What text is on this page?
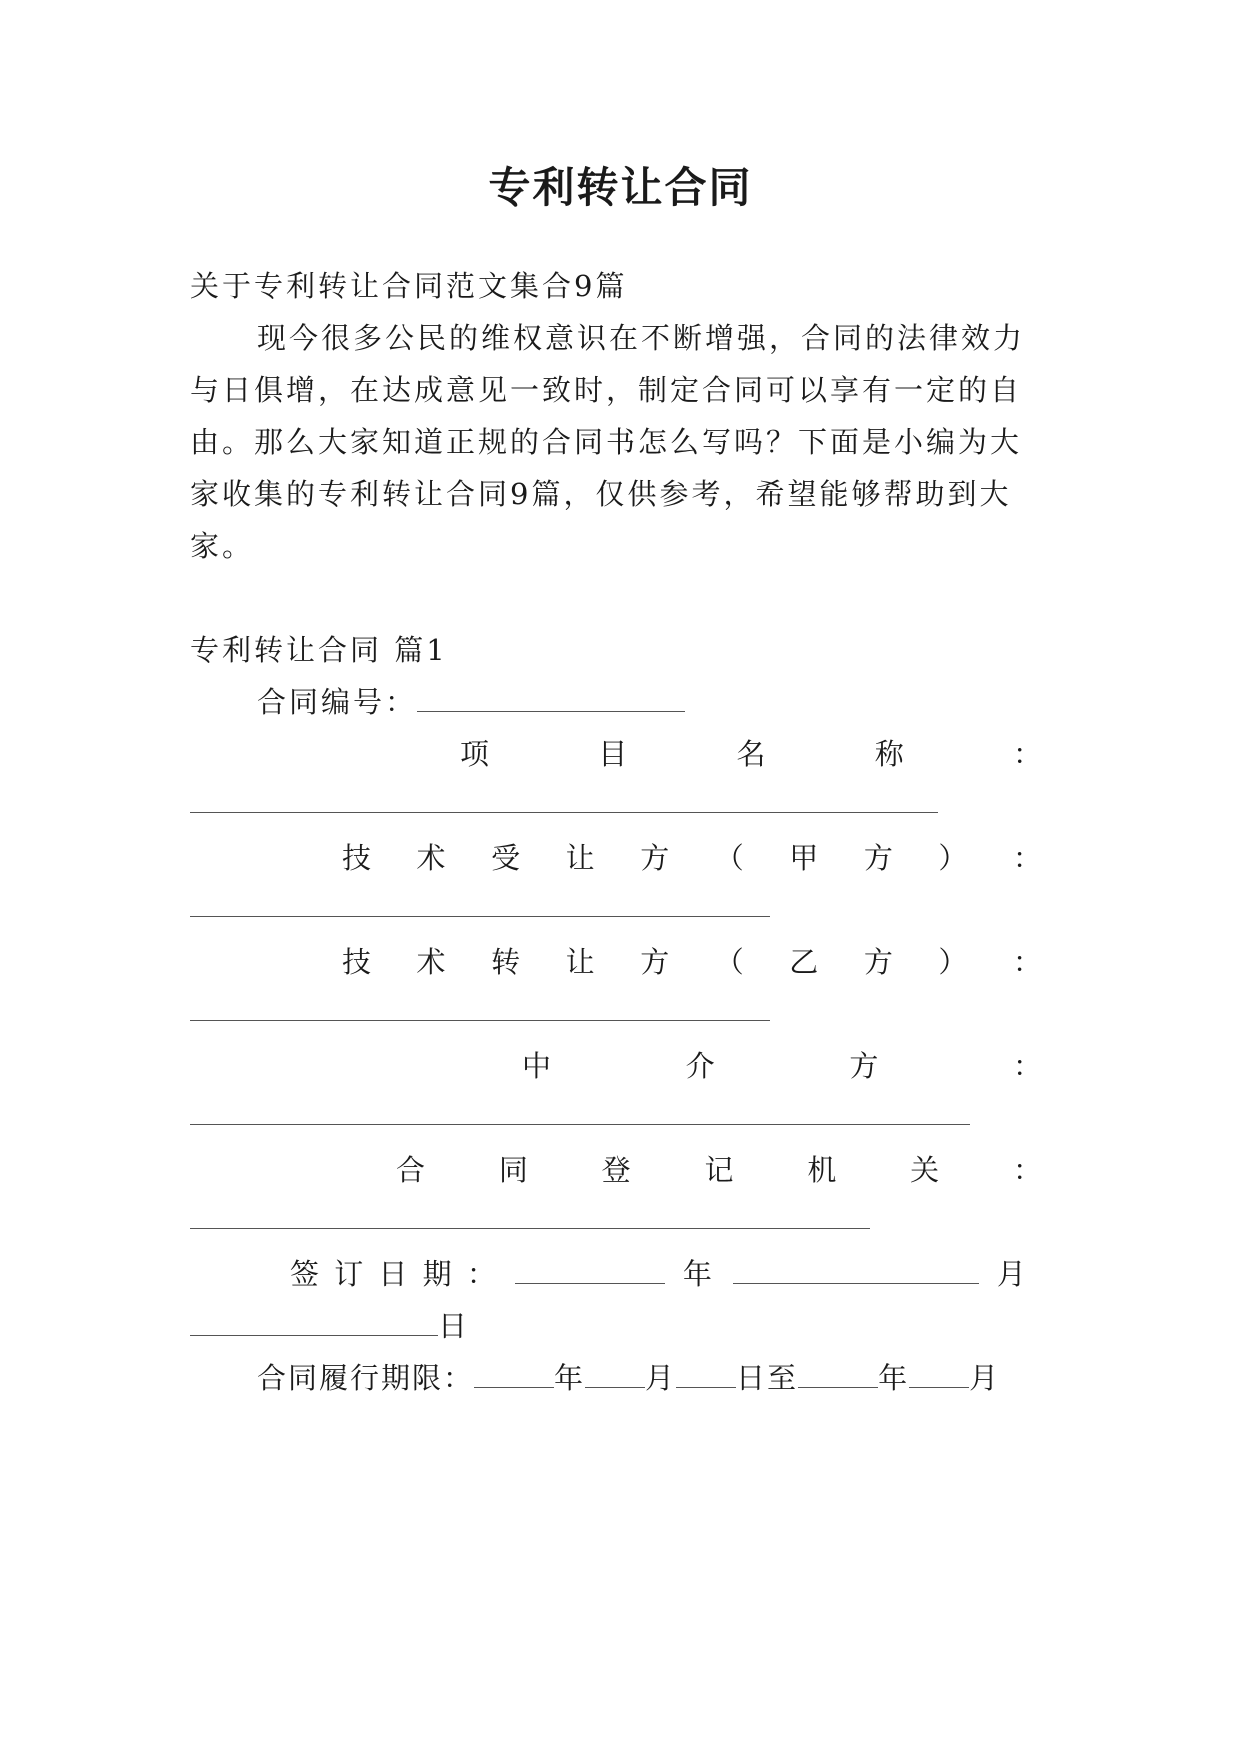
专利转让合同
关于专利转让合同范文集合9篇
现今很多公民的维权意识在不断增强，合同的法律效力
与日俱增，在达成意见一致时，制定合同可以享有一定的自
由。那么大家知道正规的合同书怎么写吗？下面是小编为大
家收集的专利转让合同9篇，仅供参考，希望能够帮助到大
家。
专利转让合同 篇1
合同编号：
项	目	名	称	：
技 术 受 让 方 （ 甲 方 ） ：
技 术 转 让 方 （ 乙 方 ） ：
中	介	方	：
合 同 登 记 机 关 ：
签 订 日 期 ：	年	月
日
合同履行期限：	年 月 日至	年 月
